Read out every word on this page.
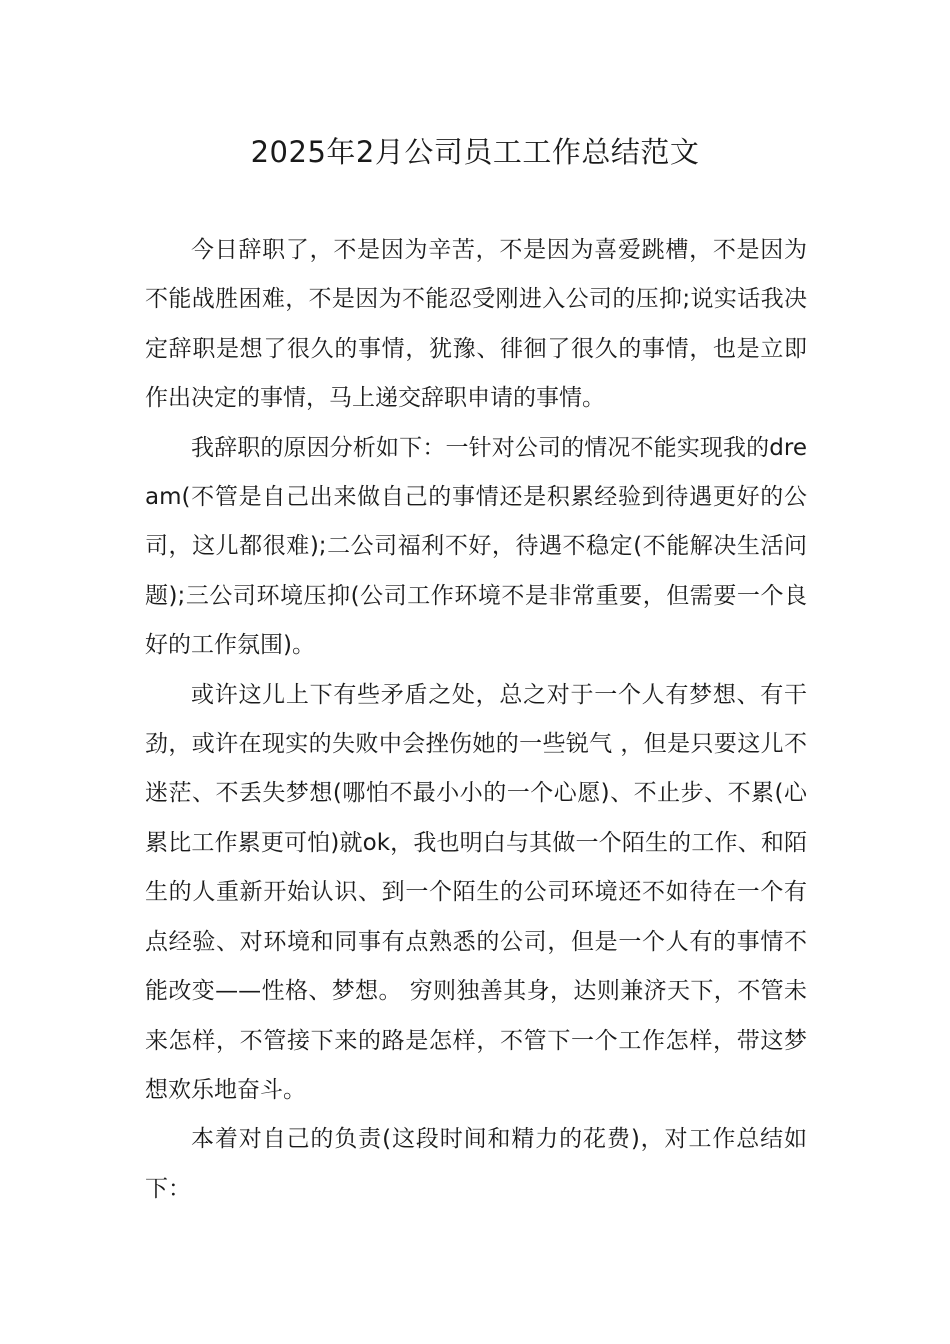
2025年2月公司员工工作总结范文

今日辞职了，不是因为辛苦，不是因为喜爱跳槽，不是因为不能战胜困难，不是因为不能忍受刚进入公司的压抑;说实话我决定辞职是想了很久的事情，犹豫、徘徊了很久的事情，也是立即作出决定的事情，马上递交辞职申请的事情。

我辞职的原因分析如下：一针对公司的情况不能实现我的dream(不管是自己出来做自己的事情还是积累经验到待遇更好的公司，这儿都很难);二公司福利不好，待遇不稳定(不能解决生活问题);三公司环境压抑(公司工作环境不是非常重要，但需要一个良好的工作氛围)。

或许这儿上下有些矛盾之处，总之对于一个人有梦想、有干劲，或许在现实的失败中会挫伤她的一些锐气 ，但是只要这儿不迷茫、不丢失梦想(哪怕不最小小的一个心愿)、不止步、不累(心累比工作累更可怕)就ok，我也明白与其做一个陌生的工作、和陌生的人重新开始认识、到一个陌生的公司环境还不如待在一个有点经验、对环境和同事有点熟悉的公司，但是一个人有的事情不能改变——性格、梦想。 穷则独善其身，达则兼济天下，不管未来怎样，不管接下来的路是怎样，不管下一个工作怎样，带这梦想欢乐地奋斗。

本着对自己的负责(这段时间和精力的花费)，对工作总结如下：
